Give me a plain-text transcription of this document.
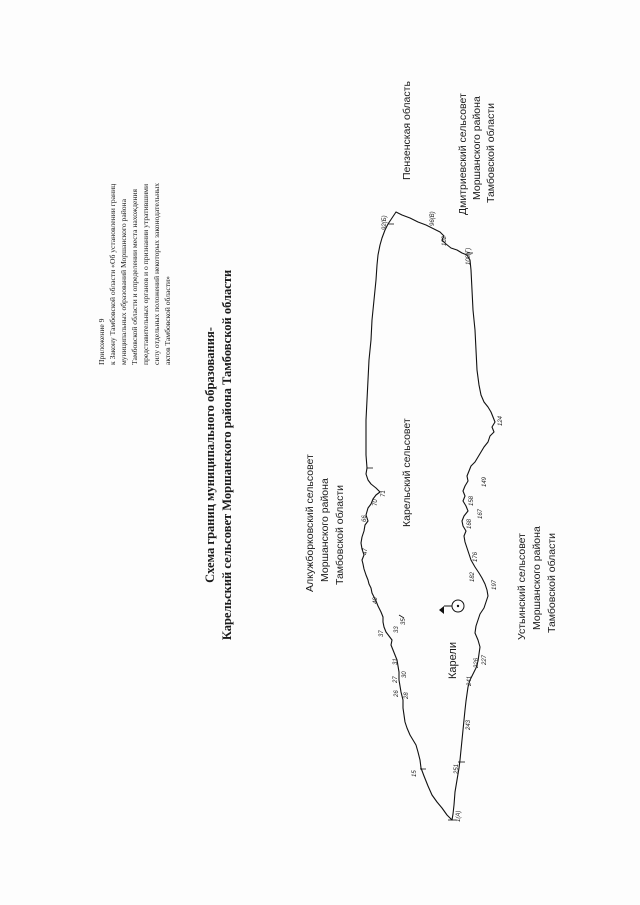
Приложение 9 к Закону Тамбовской области «Об установлении границ муниципальных образований Моршанского района Тамбовской области и определении места нахождения представительных органов и о признании утратившими силу отдельных положений некоторых законодательных актов Тамбовской области»
Схема границ муниципального образования- Карельский сельсовет Моршанского района Тамбовской области
1(А)
15
28
26
27
30
31
33
35
37
40
47
66
70
71
92(Б)	96(В)
102
108(Г)
124
149
158
167
168
176
182
197
227
226
241
243
251
Пензенская область	Дмитриевский сельсовет Моршанского района Тамбовской области
Карельский сельсовет
Алкужборковский сельсовет Моршанского района Тамбовской области	Устьинский сельсовет Моршанского района Тамбовской области
Карели
